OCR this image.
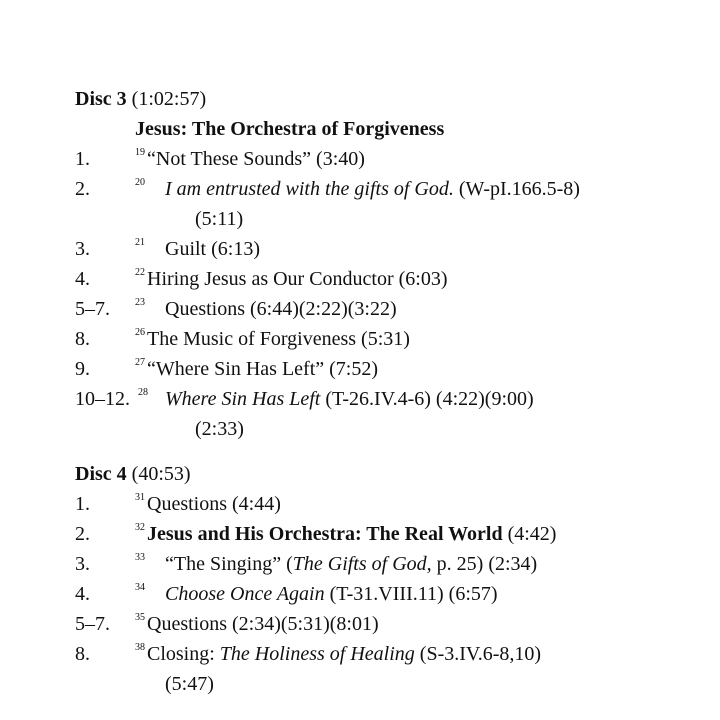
Disc 3 (1:02:57)
Jesus: The Orchestra of Forgiveness
1.	19 “Not These Sounds” (3:40)
2.	20 I am entrusted with the gifts of God. (W-pI.166.5-8)
(5:11)
3.	21 Guilt (6:13)
4.	22 Hiring Jesus as Our Conductor (6:03)
5–7.	23 Questions (6:44)(2:22)(3:22)
8.	26 The Music of Forgiveness (5:31)
9.	27 “Where Sin Has Left” (7:52)
10–12. 28 Where Sin Has Left (T-26.IV.4-6) (4:22)(9:00)
(2:33)
Disc 4 (40:53)
1.	31 Questions (4:44)
2.	32 Jesus and His Orchestra: The Real World (4:42)
3.	33 “The Singing” (The Gifts of God, p. 25) (2:34)
4.	34 Choose Once Again (T-31.VIII.11) (6:57)
5–7.	35 Questions (2:34)(5:31)(8:01)
8.	38 Closing: The Holiness of Healing (S-3.IV.6-8,10)
(5:47)
